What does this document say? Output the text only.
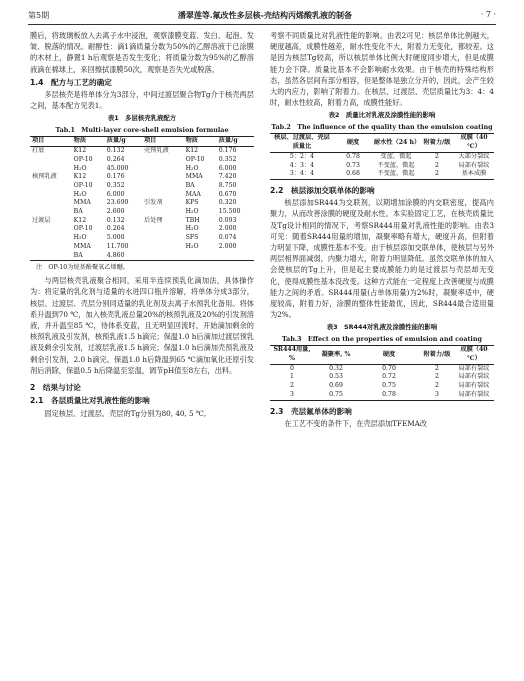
第5期	潘翠莲等.氟改性多层核-壳结构丙烯酸乳液的制备	· 7 ·

膜后，将玻璃板放入去离子水中浸泡，观察漆膜变蓝、发白、起泡、发皱、脱落的情况。耐醇性：滴1滴质量分数为50%的乙醇溶液于已涂膜的木材上，静置1 h后观察是否发生变化；将质量分数为95%的乙醇溶液滴在棉球上，来回擦拭漆膜50次，观察是否失光或脱落。

1.4　配方与工艺的确定

多层核壳是将单体分为3部分，中间过渡层聚合物Tg介于核壳两层之间，基本配方见表1。

表1　多层核壳乳液配方
Tab.1　Multi-layer core-shell emulsion formulae
项目	物质	质量/g	项目	物质	质量/g
打底	K12	0.132	壳预乳液	K12	0.176
	OP-10	0.264		OP-10	0.352
	H₂O	45.000		H₂O	6.000
核预乳液	K12	0.176		MMA	7.420
	OP-10	0.352		BA	8.750
	H₂O	6.000		MAA	0.670
	MMA	23.690	引发剂	KPS	0.320
	BA	2.600		H₂O	15.500
过渡层	K12	0.132	后处理	TBH	0.093
	OP-10	0.264		H₂O	2.000
	H₂O	5.000		SFS	0.074
	MMA	11.700		H₂O	2.000
	BA	4.860			
注　OP-10为烷基酚聚氧乙烯醚。

与两层核壳乳液聚合相同，采用半连续预乳化滴加法，具体操作为：将定量的乳化剂与适量的水进四口瓶并溶解，将单体分成3部分，核层、过渡层、壳层分别同适量的乳化剂及去离子水预乳化备用。将体系升温到70 ℃，加入核壳乳液总量20%的核预乳液及20%的引发剂溶液，并升温至85 ℃，待体系变蓝，且无明显回流时，开始滴加剩余的核预乳液及引发剂，核预乳液1.5 h滴完；保温1.0 h后滴加过渡层预乳液及剩余引发剂，过渡层乳液1.5 h滴完；保温1.0 h后滴加壳预乳液及剩余引发剂，2.0 h滴完。保温1.0 h后降温到65 ℃滴加氧化还原引发剂后消除，保温0.5 h后降温至室温，调节pH值至8左右，出料。

2　结果与讨论
2.1　各层质量比对乳液性能的影响

固定核层、过渡层、壳层的Tg分别为80, 40, 5 ℃,

考察不同质量比对乳液性能的影响。由表2可见：核层单体比例越大，硬度越高，成膜性越差，耐水性变化不大，附着力无变化，都较差。这是因为核层Tg较高，所以核层单体比例大时硬度同步增大，但是成膜能力会下降。质量比基本不会影响耐水效果。由于核壳的特殊结构形态，虽然各层间有部分相容，但是整体是独立分开的，因此，会产生较大的内应力，影响了附着力。在核层、过渡层、壳层质量比为3：4：4时，耐水性较高，附着力高，成膜性能好。

表2　质量比对乳液及涂膜性能的影响
Tab.2　The influence of the quality than the emulsion coating
核层、过渡层、壳层质量比	硬度	耐水性（24 h）	附着力/级	成膜（40 ℃）
5：2：4	0.78	变蓝，微起	2	大部分裂纹
4：3：4	0.73	不变蓝，微起	2	局部有裂纹
3：4：4	0.68	不变蓝，微起	2	基本成膜
2.2　核层添加交联单体的影响

核层添加SR444为交联剂，以期增加涂膜的内交联密度，提高内聚力，从而改善涂膜的硬度及耐水性。本实验固定工艺，在核壳质量比及Tg设计相同的情况下，考察SR444用量对乳液性能的影响。由表3可见：随着SR444用量的增加，凝聚率略有增大，硬度升高，但附着力明显下降，成膜性基本不变。由于核层添加交联单体，使核层与另外两层相界面减弱，内聚力增大，附着力明显降低。虽然交联单体的加入会使核层的Tg上升，但是起主要成膜能力的是过渡层与壳层却无变化，使得成膜性基本没改变。这种方式能在一定程度上改善硬度与成膜能力之间的矛盾。SR444用量(占单体用量)为2%时，凝聚率适中，硬度较高，附着力好，涂膜的整体性能最优，因此，SR444最合适用量为2%。

表3　SR444对乳液及涂膜性能的影响
Tab.3　Effect on the properties of emulsion and coating
SR444用量, %	凝聚率, %	硬度	附着力/级	成膜（40 ℃）
0	0.32	0.70	2	局部有裂纹
1	0.53	0.72	2	局部有裂纹
2	0.69	0.75	2	局部有裂纹
3	0.75	0.78	3	局部有裂纹
2.3　壳层氟单体的影响

在工艺不变的条件下，在壳层添加TFEMA改
